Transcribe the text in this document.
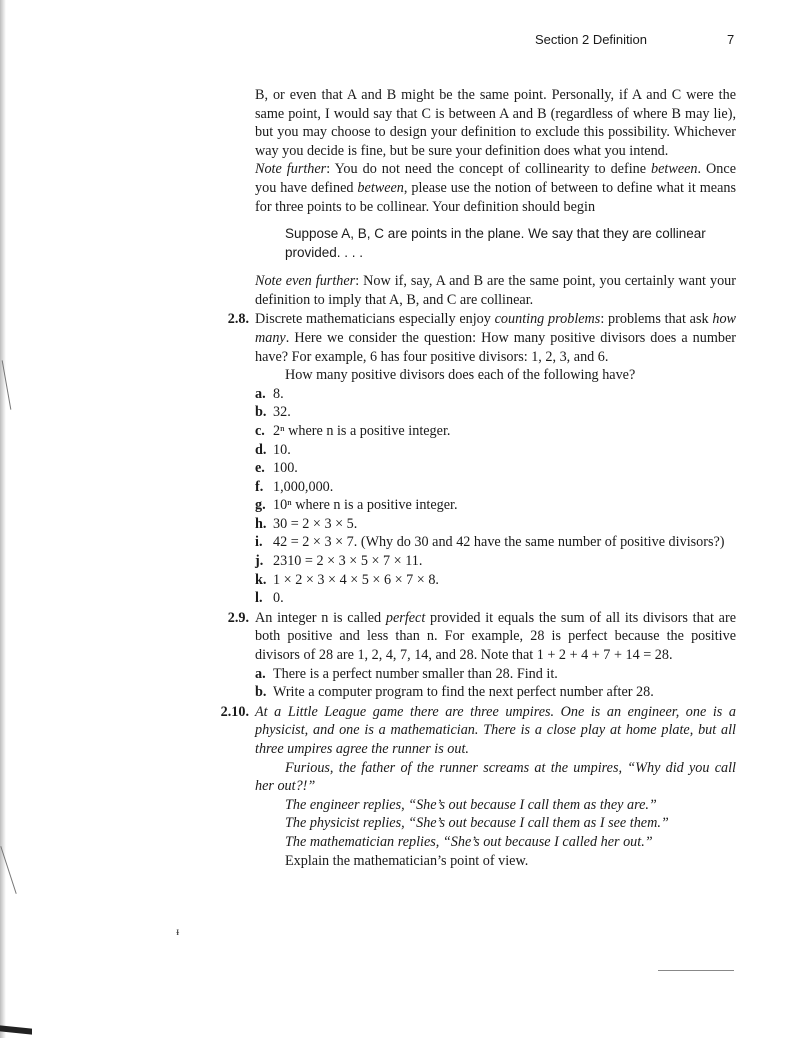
ᵻ
Section 2 Definition	7

B, or even that A and B might be the same point. Personally, if A and C were the same point, I would say that C is between A and B (regardless of where B may lie), but you may choose to design your definition to exclude this possibility. Whichever way you decide is fine, but be sure your definition does what you intend.

Note further: You do not need the concept of collinearity to define between. Once you have defined between, please use the notion of between to define what it means for three points to be collinear. Your definition should begin

Suppose A, B, C are points in the plane. We say that they are collinear provided. . . .

Note even further: Now if, say, A and B are the same point, you certainly want your definition to imply that A, B, and C are collinear.

2.8. Discrete mathematicians especially enjoy counting problems: problems that ask how many. Here we consider the question: How many positive divisors does a number have? For example, 6 has four positive divisors: 1, 2, 3, and 6.
How many positive divisors does each of the following have?
a. 8.
b. 32.
c. 2ⁿ where n is a positive integer.
d. 10.
e. 100.
f. 1,000,000.
g. 10ⁿ where n is a positive integer.
h. 30 = 2 × 3 × 5.
i. 42 = 2 × 3 × 7. (Why do 30 and 42 have the same number of positive divisors?)
j. 2310 = 2 × 3 × 5 × 7 × 11.
k. 1 × 2 × 3 × 4 × 5 × 6 × 7 × 8.
l. 0.
2.9. An integer n is called perfect provided it equals the sum of all its divisors that are both positive and less than n. For example, 28 is perfect because the positive divisors of 28 are 1, 2, 4, 7, 14, and 28. Note that 1 + 2 + 4 + 7 + 14 = 28.
a. There is a perfect number smaller than 28. Find it.
b. Write a computer program to find the next perfect number after 28.
2.10. At a Little League game there are three umpires. One is an engineer, one is a physicist, and one is a mathematician. There is a close play at home plate, but all three umpires agree the runner is out.

Furious, the father of the runner screams at the umpires, “Why did you call her out?!”

The engineer replies, “She’s out because I call them as they are.”

The physicist replies, “She’s out because I call them as I see them.”

The mathematician replies, “She’s out because I called her out.”

Explain the mathematician’s point of view.
